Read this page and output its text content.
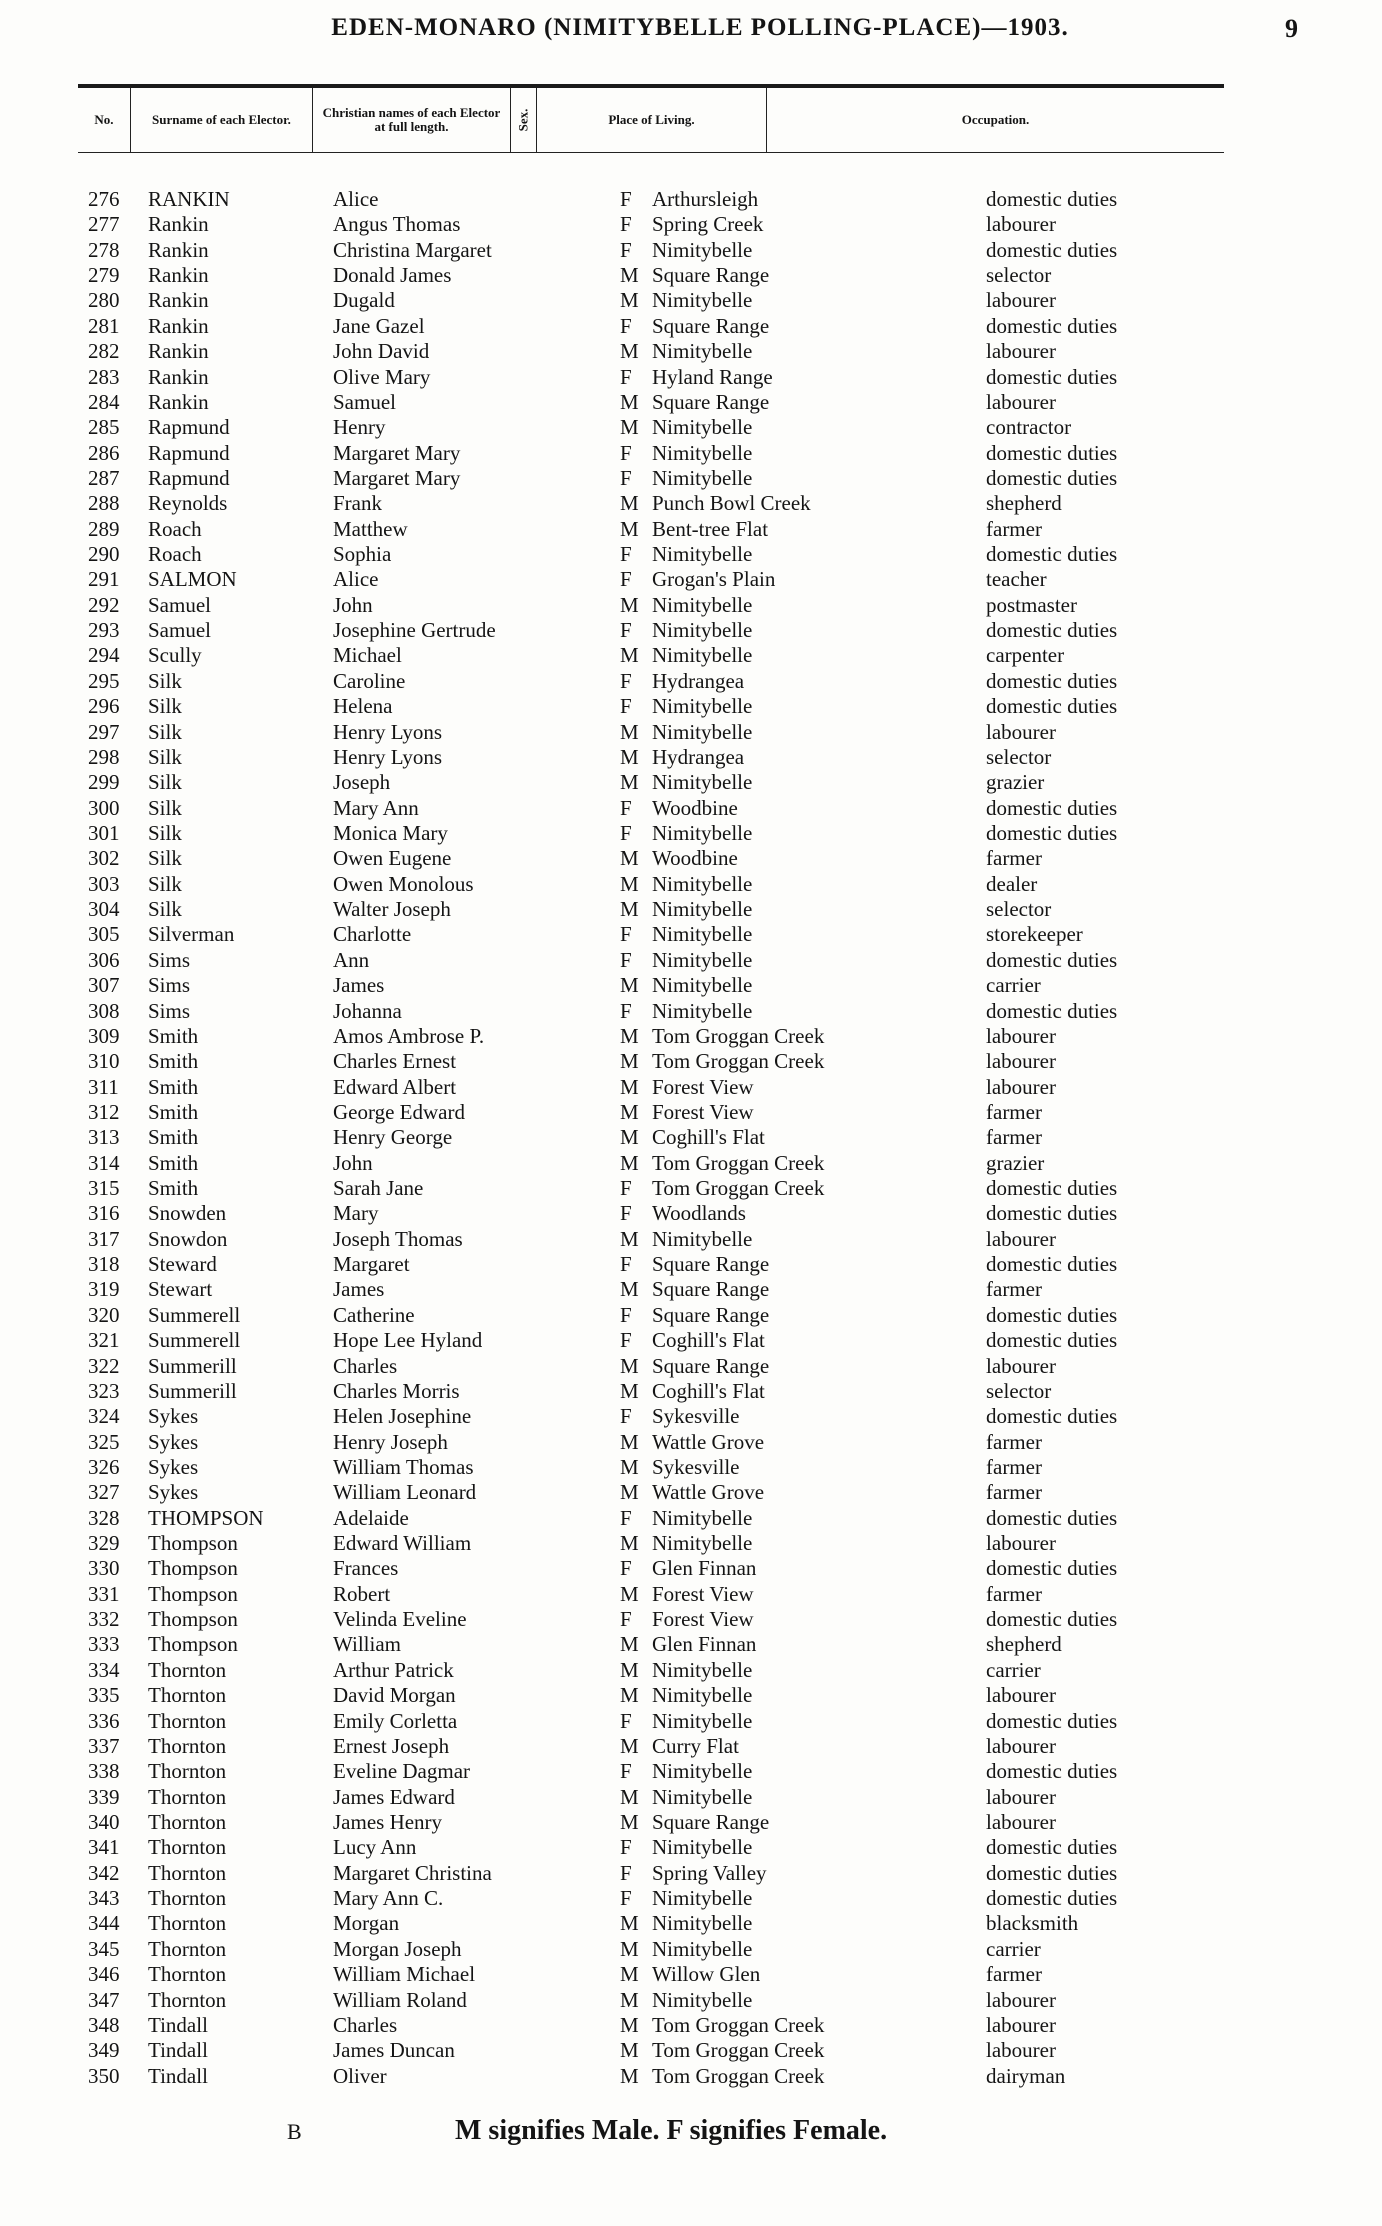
EDEN-MONARO (NIMITYBELLE POLLING-PLACE)—1903.	9
No.	Surname of each Elector.	Christian names of each Elector at full length.	Sex.	Place of Living.	Occupation.
276	RANKIN	Alice	F Arthursleigh	domestic duties
277	Rankin	Angus Thomas	F Spring Creek	labourer
278	Rankin	Christina Margaret	F Nimitybelle	domestic duties
279	Rankin	Donald James	M Square Range	selector
280	Rankin	Dugald	M Nimitybelle	labourer
281	Rankin	Jane Gazel	F Square Range	domestic duties
282	Rankin	John David	M Nimitybelle	labourer
283	Rankin	Olive Mary	F Hyland Range	domestic duties
284	Rankin	Samuel	M Square Range	labourer
285	Rapmund	Henry	M Nimitybelle	contractor
286	Rapmund	Margaret Mary	F Nimitybelle	domestic duties
287	Rapmund	Margaret Mary	F Nimitybelle	domestic duties
288	Reynolds	Frank	M Punch Bowl Creek	shepherd
289	Roach	Matthew	M Bent-tree Flat	farmer
290	Roach	Sophia	F Nimitybelle	domestic duties
291	SALMON	Alice	F Grogan's Plain	teacher
292	Samuel	John	M Nimitybelle	postmaster
293	Samuel	Josephine Gertrude	F Nimitybelle	domestic duties
294	Scully	Michael	M Nimitybelle	carpenter
295	Silk	Caroline	F Hydrangea	domestic duties
296	Silk	Helena	F Nimitybelle	domestic duties
297	Silk	Henry Lyons	M Nimitybelle	labourer
298	Silk	Henry Lyons	M Hydrangea	selector
299	Silk	Joseph	M Nimitybelle	grazier
300	Silk	Mary Ann	F Woodbine	domestic duties
301	Silk	Monica Mary	F Nimitybelle	domestic duties
302	Silk	Owen Eugene	M Woodbine	farmer
303	Silk	Owen Monolous	M Nimitybelle	dealer
304	Silk	Walter Joseph	M Nimitybelle	selector
305	Silverman	Charlotte	F Nimitybelle	storekeeper
306	Sims	Ann	F Nimitybelle	domestic duties
307	Sims	James	M Nimitybelle	carrier
308	Sims	Johanna	F Nimitybelle	domestic duties
309	Smith	Amos Ambrose P.	M Tom Groggan Creek	labourer
310	Smith	Charles Ernest	M Tom Groggan Creek	labourer
311	Smith	Edward Albert	M Forest View	labourer
312	Smith	George Edward	M Forest View	farmer
313	Smith	Henry George	M Coghill's Flat	farmer
314	Smith	John	M Tom Groggan Creek	grazier
315	Smith	Sarah Jane	F Tom Groggan Creek	domestic duties
316	Snowden	Mary	F Woodlands	domestic duties
317	Snowdon	Joseph Thomas	M Nimitybelle	labourer
318	Steward	Margaret	F Square Range	domestic duties
319	Stewart	James	M Square Range	farmer
320	Summerell	Catherine	F Square Range	domestic duties
321	Summerell	Hope Lee Hyland	F Coghill's Flat	domestic duties
322	Summerill	Charles	M Square Range	labourer
323	Summerill	Charles Morris	M Coghill's Flat	selector
324	Sykes	Helen Josephine	F Sykesville	domestic duties
325	Sykes	Henry Joseph	M Wattle Grove	farmer
326	Sykes	William Thomas	M Sykesville	farmer
327	Sykes	William Leonard	M Wattle Grove	farmer
328	THOMPSON	Adelaide	F Nimitybelle	domestic duties
329	Thompson	Edward William	M Nimitybelle	labourer
330	Thompson	Frances	F Glen Finnan	domestic duties
331	Thompson	Robert	M Forest View	farmer
332	Thompson	Velinda Eveline	F Forest View	domestic duties
333	Thompson	William	M Glen Finnan	shepherd
334	Thornton	Arthur Patrick	M Nimitybelle	carrier
335	Thornton	David Morgan	M Nimitybelle	labourer
336	Thornton	Emily Corletta	F Nimitybelle	domestic duties
337	Thornton	Ernest Joseph	M Curry Flat	labourer
338	Thornton	Eveline Dagmar	F Nimitybelle	domestic duties
339	Thornton	James Edward	M Nimitybelle	labourer
340	Thornton	James Henry	M Square Range	labourer
341	Thornton	Lucy Ann	F Nimitybelle	domestic duties
342	Thornton	Margaret Christina	F Spring Valley	domestic duties
343	Thornton	Mary Ann C.	F Nimitybelle	domestic duties
344	Thornton	Morgan	M Nimitybelle	blacksmith
345	Thornton	Morgan Joseph	M Nimitybelle	carrier
346	Thornton	William Michael	M Willow Glen	farmer
347	Thornton	William Roland	M Nimitybelle	labourer
348	Tindall	Charles	M Tom Groggan Creek	labourer
349	Tindall	James Duncan	M Tom Groggan Creek	labourer
350	Tindall	Oliver	M Tom Groggan Creek	dairyman
B	M signifies Male. F signifies Female.
